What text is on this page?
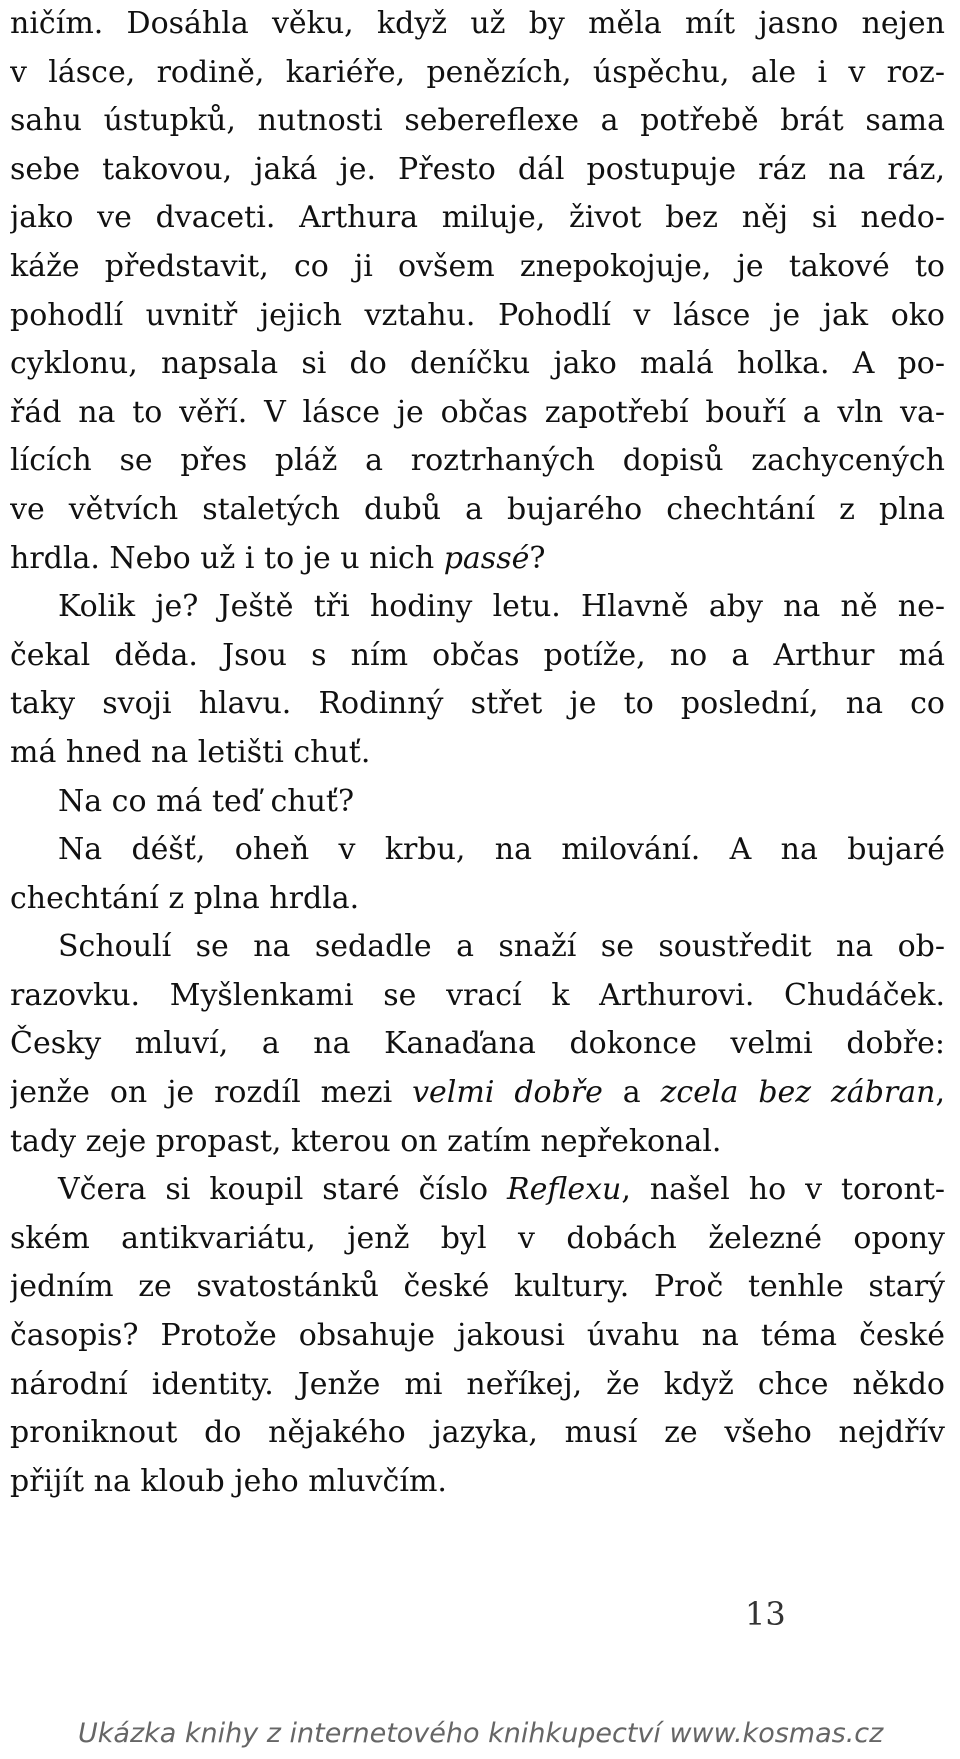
ničím. Dosáhla věku, když už by měla mít jasno nejen
v lásce, rodině, kariéře, penězích, úspěchu, ale i v roz-
sahu ústupků, nutnosti sebereflexe a potřebě brát sama
sebe takovou, jaká je. Přesto dál postupuje ráz na ráz,
jako ve dvaceti. Arthura miluje, život bez něj si nedo-
káže představit, co ji ovšem znepokojuje, je takové to
pohodlí uvnitř jejich vztahu. Pohodlí v lásce je jak oko
cyklonu, napsala si do deníčku jako malá holka. A po-
řád na to věří. V lásce je občas zapotřebí bouří a vln va-
lících se přes pláž a roztrhaných dopisů zachycených
ve větvích staletých dubů a bujarého chechtání z plna
hrdla. Nebo už i to je u nich passé?
Kolik je? Ještě tři hodiny letu. Hlavně aby na ně ne-
čekal děda. Jsou s ním občas potíže, no a Arthur má
taky svoji hlavu. Rodinný střet je to poslední, na co
má hned na letišti chuť.
Na co má teď chuť?
Na déšť, oheň v krbu, na milování. A na bujaré
chechtání z plna hrdla.
Schoulí se na sedadle a snaží se soustředit na ob-
razovku. Myšlenkami se vrací k Arthurovi. Chudáček.
Česky mluví, a na Kanaďana dokonce velmi dobře:
jenže on je rozdíl mezi velmi dobře a zcela bez zábran,
tady zeje propast, kterou on zatím nepřekonal.
Včera si koupil staré číslo Reflexu, našel ho v toront-
ském antikvariátu, jenž byl v dobách železné opony
jedním ze svatostánků české kultury. Proč tenhle starý
časopis? Protože obsahuje jakousi úvahu na téma české
národní identity. Jenže mi neříkej, že když chce někdo
proniknout do nějakého jazyka, musí ze všeho nejdřív
přijít na kloub jeho mluvčím.
13
Ukázka knihy z internetového knihkupectví www.kosmas.cz
